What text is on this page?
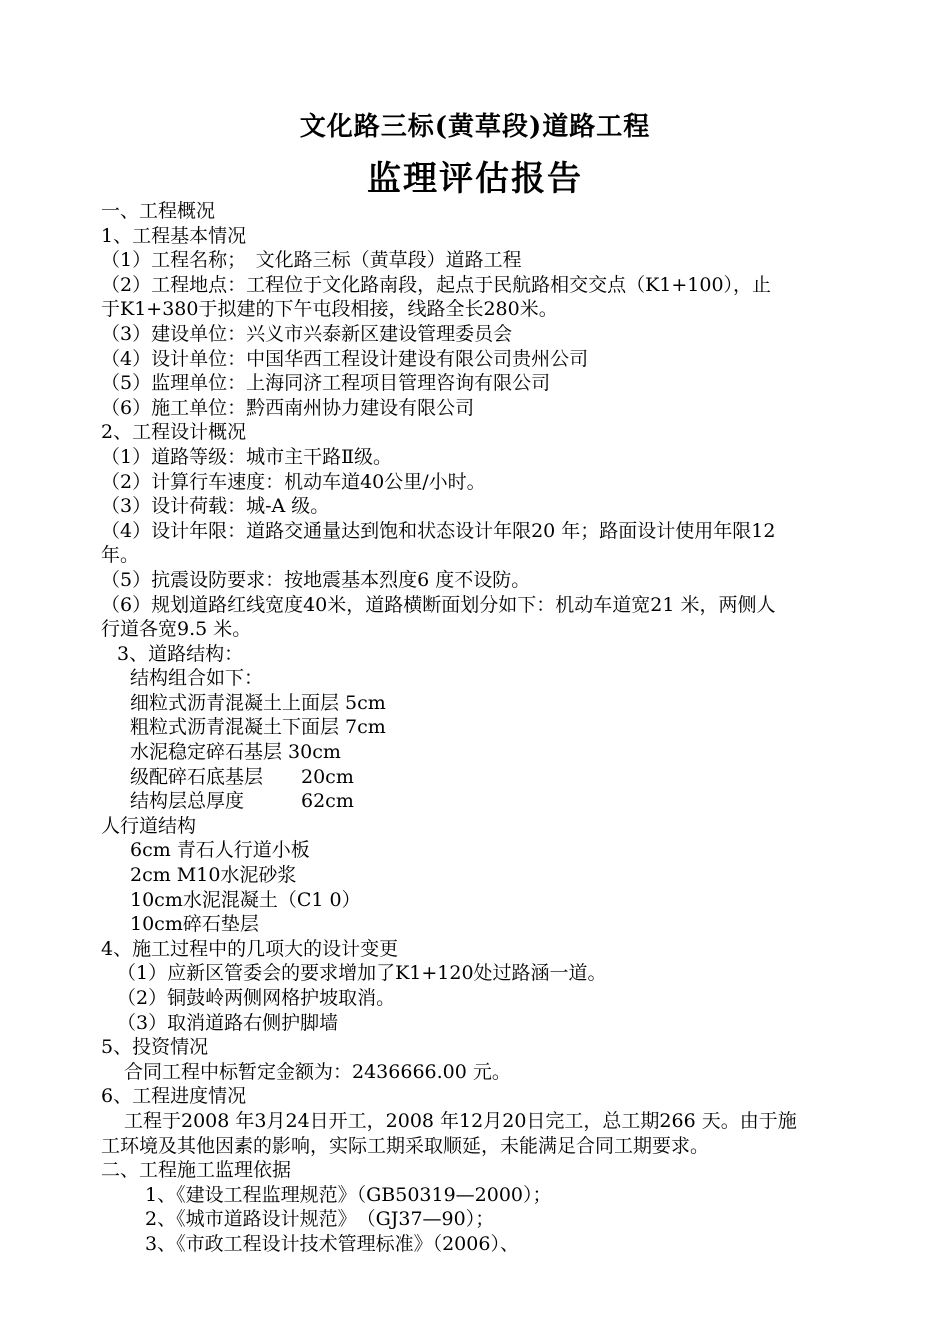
文化路三标(黄草段)道路工程
监理评估报告

一、工程概况

1、工程基本情况

（1）工程名称；　文化路三标（黄草段）道路工程

（2）工程地点：工程位于文化路南段，起点于民航路相交交点（K1+100），止

于K1+380于拟建的下午屯段相接，线路全长280米。

（3）建设单位：兴义市兴泰新区建设管理委员会

（4）设计单位：中国华西工程设计建设有限公司贵州公司

（5）监理单位：上海同济工程项目管理咨询有限公司

（6）施工单位：黔西南州协力建设有限公司

2、工程设计概况

（1）道路等级：城市主干路Ⅱ级。

（2）计算行车速度：机动车道40公里/小时。

（3）设计荷载：城-A 级。

（4）设计年限：道路交通量达到饱和状态设计年限20 年；路面设计使用年限12

年。

（5）抗震设防要求：按地震基本烈度6 度不设防。

（6）规划道路红线宽度40米，道路横断面划分如下：机动车道宽21 米，两侧人

行道各宽9.5 米。

3、道路结构：

结构组合如下：

细粒式沥青混凝土上面层 5cm

粗粒式沥青混凝土下面层 7cm

水泥稳定碎石基层 30cm

级配碎石底基层　　20cm

结构层总厚度　　　62cm

人行道结构

6cm 青石人行道小板

2cm M10水泥砂浆

10cm水泥混凝土（C1 0）

10cm碎石垫层

4、施工过程中的几项大的设计变更

（1）应新区管委会的要求增加了K1+120处过路涵一道。

（2）铜鼓岭两侧网格护坡取消。

（3）取消道路右侧护脚墙

5、投资情况

合同工程中标暂定金额为：2436666.00 元。

6、工程进度情况

工程于2008 年3月24日开工，2008 年12月20日完工，总工期266 天。由于施

工环境及其他因素的影响，实际工期采取顺延，未能满足合同工期要求。

二、工程施工监理依据

1、《建设工程监理规范》（GB50319—2000）；

2、《城市道路设计规范》　（GJ37—90）；

3、《市政工程设计技术管理标准》（2006）、
